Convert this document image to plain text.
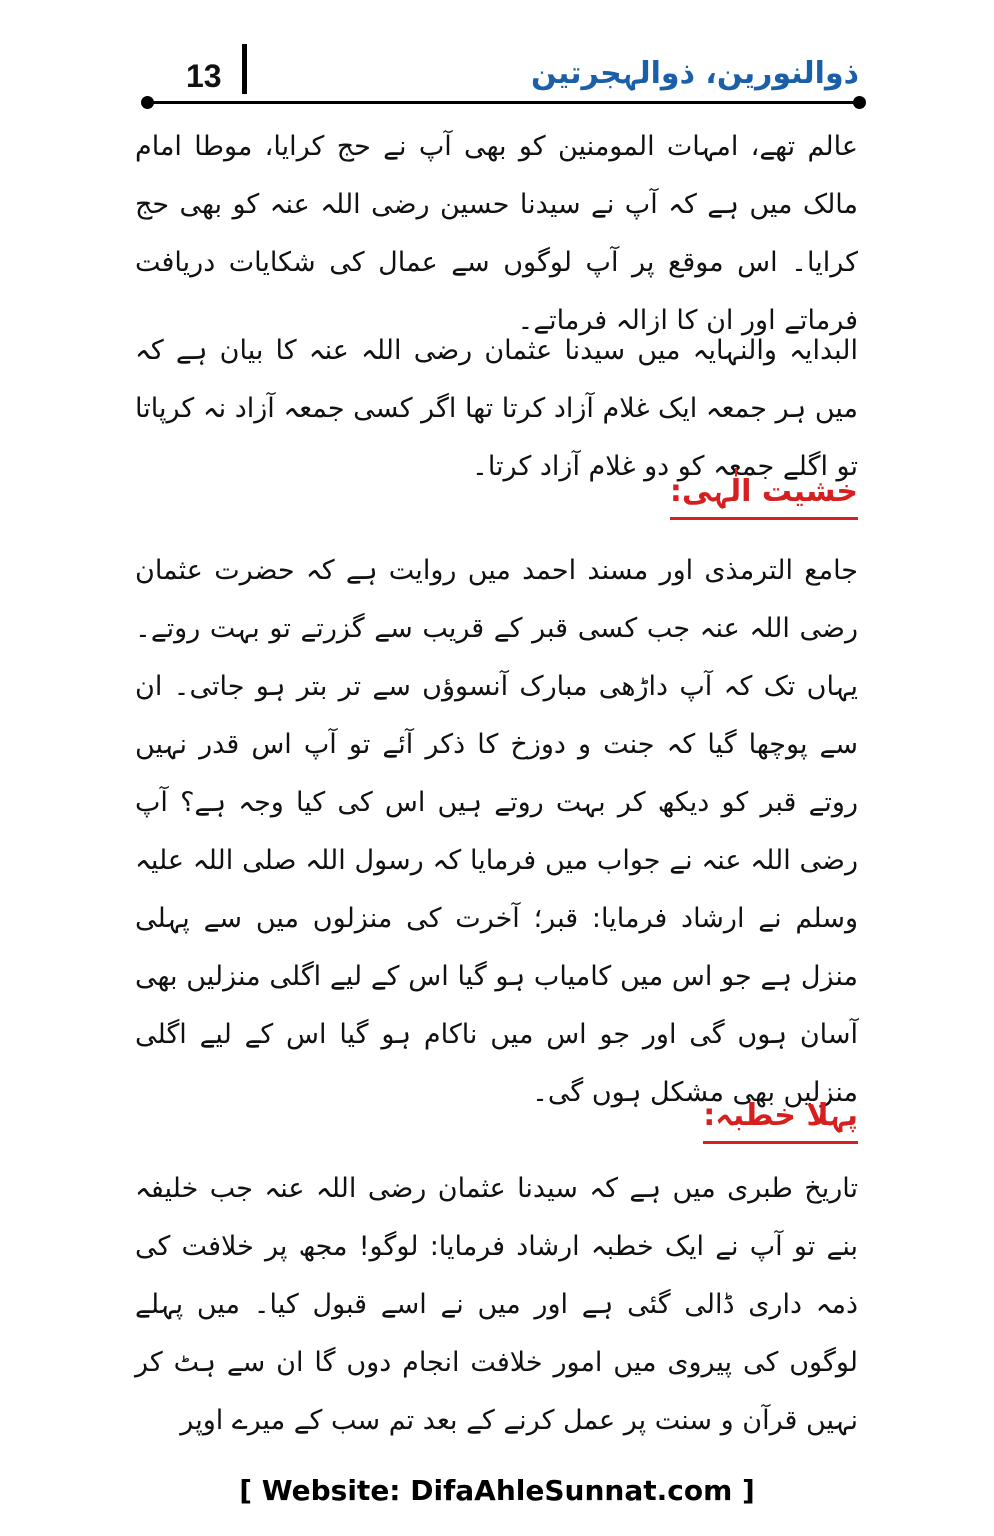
ذوالنورین، ذوالہجرتین
13
عالم تھے، امہات المومنین کو بھی آپ نے حج کرایا، موطا امام مالک میں ہے کہ آپ نے سیدنا حسین رضی اللہ عنہ کو بھی حج کرایا۔ اس موقع پر آپ لوگوں سے عمال کی شکایات دریافت فرماتے اور ان کا ازالہ فرماتے۔
البدایہ والنہایہ میں سیدنا عثمان رضی اللہ عنہ کا بیان ہے کہ میں ہر جمعہ ایک غلام آزاد کرتا تھا اگر کسی جمعہ آزاد نہ کرپاتا تو اگلے جمعہ کو دو غلام آزاد کرتا۔
خشیت الٰہی:
جامع الترمذی اور مسند احمد میں روایت ہے کہ حضرت عثمان رضی اللہ عنہ جب کسی قبر کے قریب سے گزرتے تو بہت روتے۔ یہاں تک کہ آپ داڑھی مبارک آنسوؤں سے تر بتر ہو جاتی۔ ان سے پوچھا گیا کہ جنت و دوزخ کا ذکر آئے تو آپ اس قدر نہیں روتے قبر کو دیکھ کر بہت روتے ہیں اس کی کیا وجہ ہے؟ آپ رضی اللہ عنہ نے جواب میں فرمایا کہ رسول اللہ صلی اللہ علیہ وسلم نے ارشاد فرمایا: قبر؛ آخرت کی منزلوں میں سے پہلی منزل ہے جو اس میں کامیاب ہو گیا اس کے لیے اگلی منزلیں بھی آسان ہوں گی اور جو اس میں ناکام ہو گیا اس کے لیے اگلی منزلیں بھی مشکل ہوں گی۔
پہلا خطبہ:
تاریخ طبری میں ہے کہ سیدنا عثمان رضی اللہ عنہ جب خلیفہ بنے تو آپ نے ایک خطبہ ارشاد فرمایا: لوگو! مجھ پر خلافت کی ذمہ داری ڈالی گئی ہے اور میں نے اسے قبول کیا۔ میں پہلے لوگوں کی پیروی میں امور خلافت انجام دوں گا ان سے ہٹ کر نہیں قرآن و سنت پر عمل کرنے کے بعد تم سب کے میرے اوپر
[ Website: DifaAhleSunnat.com ]
